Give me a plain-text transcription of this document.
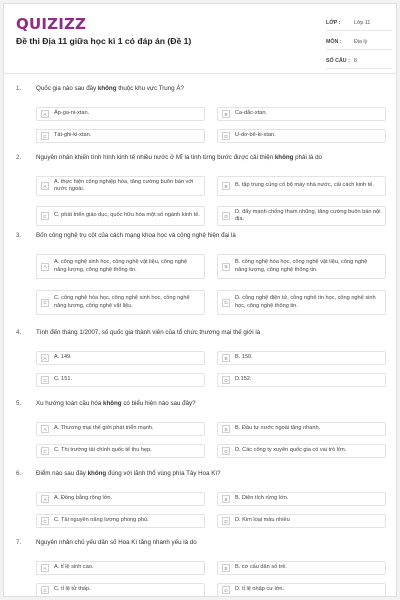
QUIZIZZ
Đề thi Địa 11 giữa học kì 1 có đáp án (Đề 1)
LỚP :	Lớp 11
MÔN :	Địa lý
SỐ CÂU : 8
1.	Quốc gia nào sau đây không thuộc khu vực Trung Á?
A	Áp-ga-ni-xtan.	B	Ca-dắc-xtan.
C	Tát-ghi-ki-xtan.	D	U-dơ-bê-ki-xtan.
2.	Nguyên nhân khiến tình hình kinh tế nhiều nước ở Mĩ la tinh từng bước được cải thiện không phải là do
A
A. thực hiện công nghiệp hóa, tăng cường buôn bán với nước ngoài.	B	B. tập trung củng cố bộ máy nhà nước, cải cách kinh tế.
C	C. phát triển giáo dục, quốc hữu hóa một số ngành kinh tế.	D
D. đẩy mạnh chống tham nhũng, tăng cường buôn bán nội địa.
3.	Bốn công nghệ trụ cột của cách mạng khoa học và công nghệ hiện đại là
A
A. công nghệ sinh học, công nghệ vật liệu, công nghệ năng lượng, công nghệ thông tin.	B
B. công nghệ hóa học, công nghệ vật liệu, công nghệ năng lượng, công nghệ thông tin.
C
C. công nghệ hóa học, công nghệ sinh học, công nghệ năng lượng, công nghệ vật liệu.	D
D. công nghệ điện tử, công nghệ tin học, công nghệ sinh học, công nghệ thông tin.
4.	Tính đến tháng 1/2007, số quốc gia thành viên của tổ chức thương mại thế giới là
A	A. 149.	B	B. 150.
C	C. 151.	D	D.152.
5.	Xu hướng toàn cầu hóa không có biểu hiện nào sau đây?
A	A. Thương mại thế giới phát triển mạnh.	B	B. Đầu tư nước ngoài tăng nhanh.
C	C. Thị trường tài chính quốc tế thu hẹp.	D	D. Các công ty xuyên quốc gia có vai trò lớn.
6.	Điểm nào sau đây không đúng với lãnh thổ vùng phía Tây Hoa Kì?
A	A. Đồng bằng rộng lớn.	B	B. Diện tích rừng lớn.
C	C. Tài nguyên năng lượng phong phú.	D	D. Kim loại màu nhiều
7.	Nguyên nhân chủ yếu dân số Hoa Kì tăng nhanh yếu là do
A	A. tỉ lệ sinh cao.	B	B. cơ cấu dân số trẻ.
C	C. tỉ lệ tử thấp.	D	D. tỉ lệ nhập cư lớn.
